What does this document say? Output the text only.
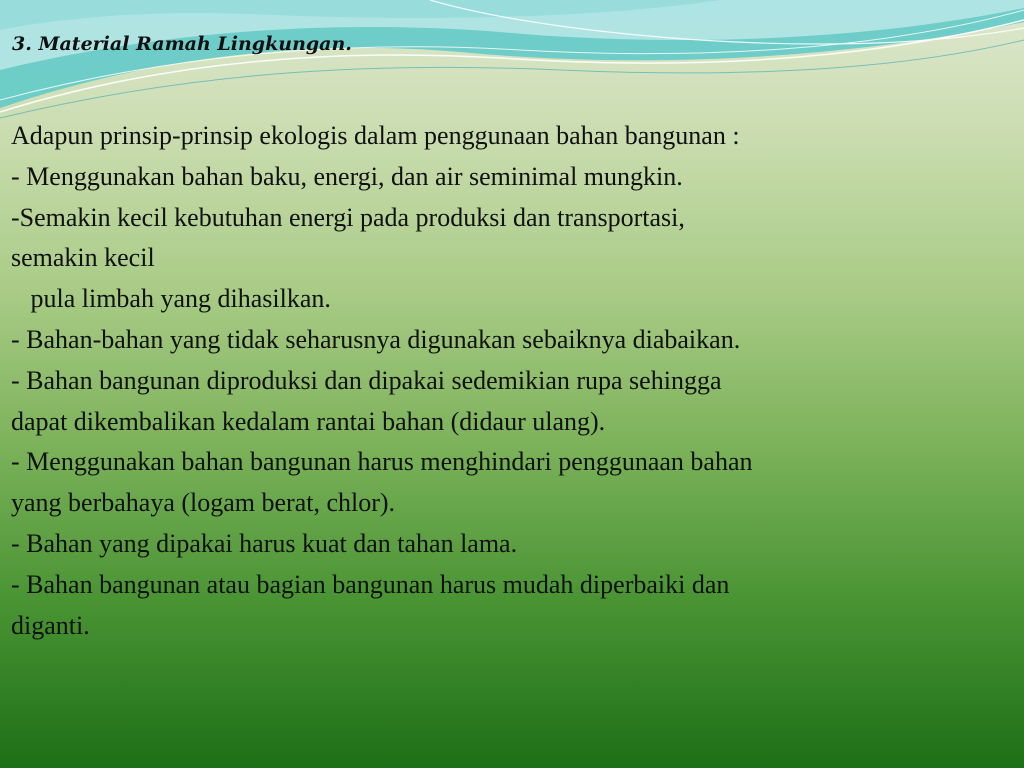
3. Material Ramah Lingkungan.

Adapun prinsip-prinsip ekologis dalam penggunaan bahan bangunan :

- Menggunakan bahan baku, energi, dan air seminimal mungkin.

-Semakin kecil kebutuhan energi pada produksi dan transportasi,

semakin kecil

pula limbah yang dihasilkan.

- Bahan-bahan yang tidak seharusnya digunakan sebaiknya diabaikan.

- Bahan bangunan diproduksi dan dipakai sedemikian rupa sehingga

dapat dikembalikan kedalam rantai bahan (didaur ulang).

- Menggunakan bahan bangunan harus menghindari penggunaan bahan

yang berbahaya (logam berat, chlor).

- Bahan yang dipakai harus kuat dan tahan lama.

- Bahan bangunan atau bagian bangunan harus mudah diperbaiki dan

diganti.
